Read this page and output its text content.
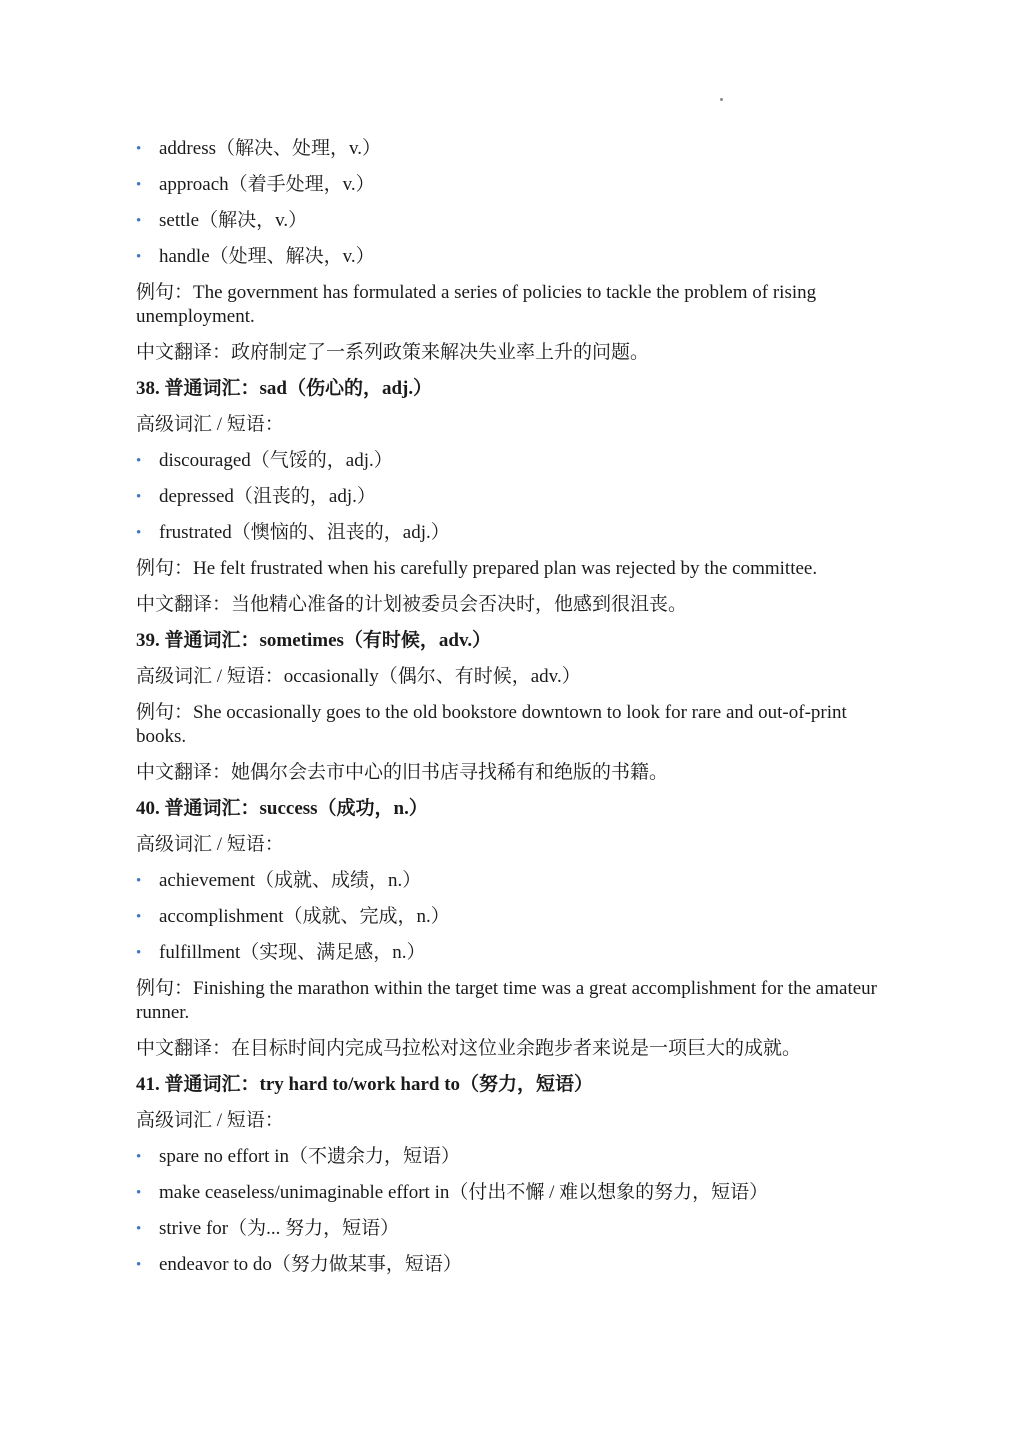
• address（解决、处理，v.）
• approach（着手处理，v.）
• settle（解决，v.）
• handle（处理、解决，v.）

例句：The government has formulated a series of policies to tackle the problem of rising unemployment.

中文翻译：政府制定了一系列政策来解决失业率上升的问题。

38. 普通词汇：sad（伤心的，adj.）

高级词汇 / 短语：

• discouraged（气馁的，adj.）
• depressed（沮丧的，adj.）
• frustrated（懊恼的、沮丧的，adj.）

例句：He felt frustrated when his carefully prepared plan was rejected by the committee.

中文翻译：当他精心准备的计划被委员会否决时，他感到很沮丧。

39. 普通词汇：sometimes（有时候，adv.）

高级词汇 / 短语：occasionally（偶尔、有时候，adv.）

例句：She occasionally goes to the old bookstore downtown to look for rare and out-of-print books.

中文翻译：她偶尔会去市中心的旧书店寻找稀有和绝版的书籍。

40. 普通词汇：success（成功，n.）

高级词汇 / 短语：

• achievement（成就、成绩，n.）
• accomplishment（成就、完成，n.）
• fulfillment（实现、满足感，n.）

例句：Finishing the marathon within the target time was a great accomplishment for the amateur runner.

中文翻译：在目标时间内完成马拉松对这位业余跑步者来说是一项巨大的成就。

41. 普通词汇：try hard to/work hard to（努力，短语）

高级词汇 / 短语：

• spare no effort in（不遗余力，短语）
• make ceaseless/unimaginable effort in（付出不懈 / 难以想象的努力，短语）
• strive for（为... 努力，短语）
• endeavor to do（努力做某事，短语）
